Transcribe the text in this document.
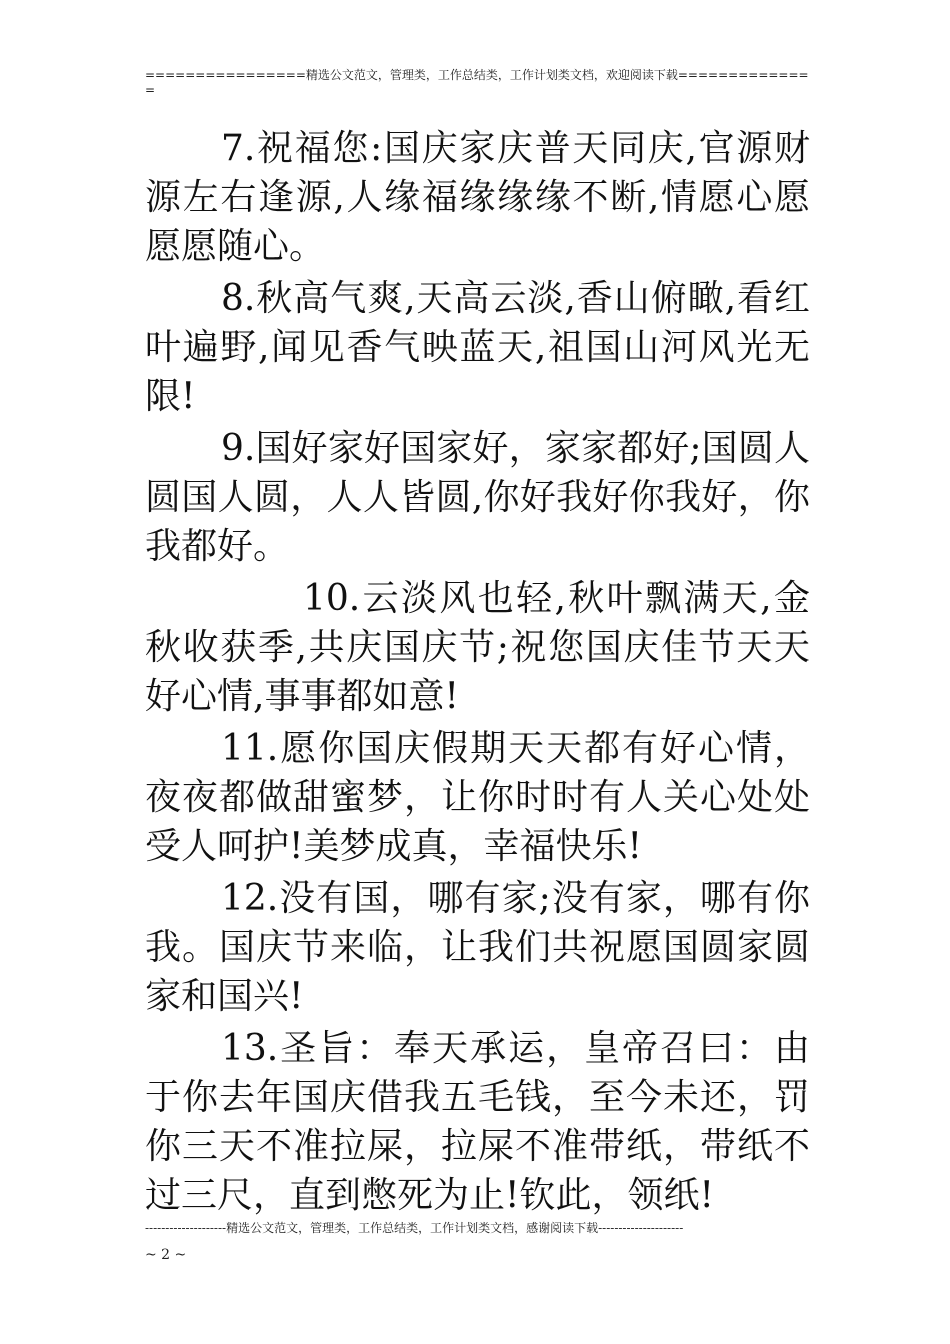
================精选公文范文，管理类，工作总结类，工作计划类文档，欢迎阅读下载==============

7.祝福您:国庆家庆普天同庆,官源财源左右逢源,人缘福缘缘缘不断,情愿心愿愿愿随心。

8.秋高气爽,天高云淡,香山俯瞰,看红叶遍野,闻见香气映蓝天,祖国山河风光无限!

9.国好家好国家好，家家都好;国圆人圆国人圆，人人皆圆,你好我好你我好，你我都好。

10.云淡风也轻,秋叶飘满天,金秋收获季,共庆国庆节;祝您国庆佳节天天好心情,事事都如意!

11.愿你国庆假期天天都有好心情，夜夜都做甜蜜梦，让你时时有人关心处处受人呵护!美梦成真，幸福快乐!

12.没有国，哪有家;没有家，哪有你我。国庆节来临，让我们共祝愿国圆家圆家和国兴!

13.圣旨：奉天承运，皇帝召曰：由于你去年国庆借我五毛钱，至今未还，罚你三天不准拉屎，拉屎不准带纸，带纸不过三尺，直到憋死为止!钦此，领纸!

--------------------精选公文范文，管理类，工作总结类，工作计划类文档，感谢阅读下载---------------------
~ 2 ~
